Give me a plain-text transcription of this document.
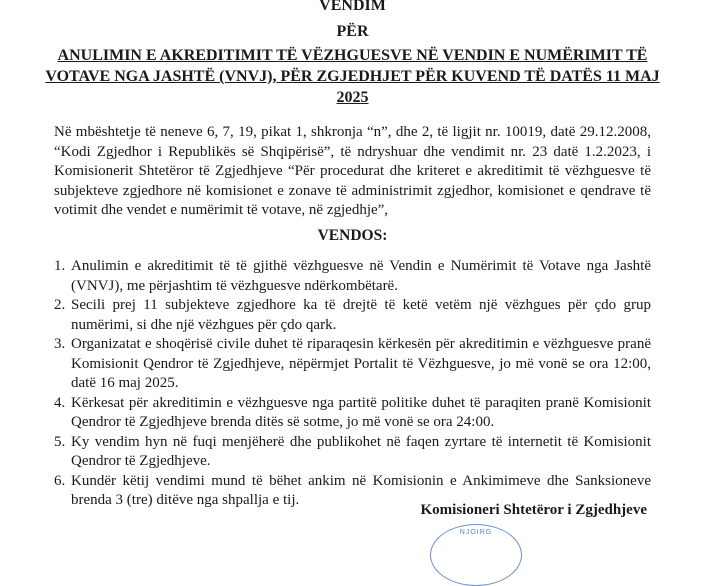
VENDIM
PËR
ANULIMIN E AKREDITIMIT TË VËZHGUESVE NË VENDIN E NUMËRIMIT TË VOTAVE NGA JASHTË (VNVJ), PËR ZGJEDHJET PËR KUVEND TË DATËS 11 MAJ 2025
Në mbështetje të neneve 6, 7, 19, pikat 1, shkronja “n”, dhe 2, të ligjit nr. 10019, datë 29.12.2008, “Kodi Zgjedhor i Republikës së Shqipërisë”, të ndryshuar dhe vendimit nr. 23 datë 1.2.2023, i Komisionerit Shtetëror të Zgjedhjeve “Për procedurat dhe kriteret e akreditimit të vëzhguesve të subjekteve zgjedhore në komisionet e zonave të administrimit zgjedhor, komisionet e qendrave të votimit dhe vendet e numërimit të votave, në zgjedhje”,
VENDOS:
1. Anulimin e akreditimit të të gjithë vëzhguesve në Vendin e Numërimit të Votave nga Jashtë (VNVJ), me përjashtim të vëzhguesve ndërkombëtarë.
2. Secili prej 11 subjekteve zgjedhore ka të drejtë të ketë vetëm një vëzhgues për çdo grup numërimi, si dhe një vëzhgues për çdo qark.
3. Organizatat e shoqërisë civile duhet të riparaqesin kërkesën për akreditimin e vëzhguesve pranë Komisionit Qendror të Zgjedhjeve, nëpërmjet Portalit të Vëzhguesve, jo më vonë se ora 12:00, datë 16 maj 2025.
4. Kërkesat për akreditimin e vëzhguesve nga partitë politike duhet të paraqiten pranë Komisionit Qendror të Zgjedhjeve brenda ditës së sotme, jo më vonë se ora 24:00.
5. Ky vendim hyn në fuqi menjëherë dhe publikohet në faqen zyrtare të internetit të Komisionit Qendror të Zgjedhjeve.
6. Kundër këtij vendimi mund të bëhet ankim në Komisionin e Ankimimeve dhe Sanksioneve brenda 3 (tre) ditëve nga shpallja e tij.
Komisioneri Shtetëror i Zgjedhjeve
NJOIRG
